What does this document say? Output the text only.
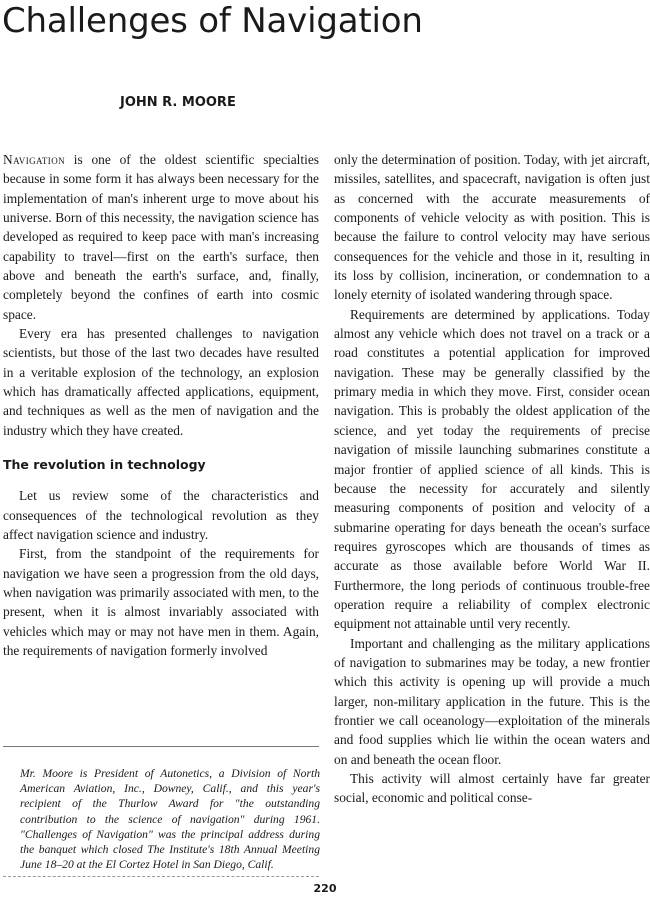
Challenges of Navigation
JOHN R. MOORE

Navigation is one of the oldest scientific specialties because in some form it has always been necessary for the implementation of man's inherent urge to move about his universe. Born of this necessity, the navigation science has developed as required to keep pace with man's increasing capability to travel—first on the earth's surface, then above and beneath the earth's surface, and, finally, completely beyond the confines of earth into cosmic space.

Every era has presented challenges to navigation scientists, but those of the last two decades have resulted in a veritable explosion of the technology, an explosion which has dramatically affected applications, equipment, and techniques as well as the men of navigation and the industry which they have created.

The revolution in technology

Let us review some of the characteristics and consequences of the technological revolution as they affect navigation science and industry.

First, from the standpoint of the requirements for navigation we have seen a progression from the old days, when navigation was primarily associated with men, to the present, when it is almost invariably associated with vehicles which may or may not have men in them. Again, the requirements of navigation formerly involved

only the determination of position. Today, with jet aircraft, missiles, satellites, and spacecraft, navigation is often just as concerned with the accurate measurements of components of vehicle velocity as with position. This is because the failure to control velocity may have serious consequences for the vehicle and those in it, resulting in its loss by collision, incineration, or condemnation to a lonely eternity of isolated wandering through space.

Requirements are determined by applications. Today almost any vehicle which does not travel on a track or a road constitutes a potential application for improved navigation. These may be generally classified by the primary media in which they move. First, consider ocean navigation. This is probably the oldest application of the science, and yet today the requirements of precise navigation of missile launching submarines constitute a major frontier of applied science of all kinds. This is because the necessity for accurately and silently measuring components of position and velocity of a submarine operating for days beneath the ocean's surface requires gyroscopes which are thousands of times as accurate as those available before World War II. Furthermore, the long periods of continuous trouble-free operation require a reliability of complex electronic equipment not attainable until very recently.

Important and challenging as the military applications of navigation to submarines may be today, a new frontier which this activity is opening up will provide a much larger, non-military application in the future. This is the frontier we call oceanology—exploitation of the minerals and food supplies which lie within the ocean waters and on and beneath the ocean floor.

This activity will almost certainly have far greater social, economic and political conse-

Mr. Moore is President of Autonetics, a Division of North American Aviation, Inc., Downey, Calif., and this year's recipient of the Thurlow Award for "the outstanding contribution to the science of navigation" during 1961. "Challenges of Navigation" was the principal address during the banquet which closed The Institute's 18th Annual Meeting June 18–20 at the El Cortez Hotel in San Diego, Calif.

220
